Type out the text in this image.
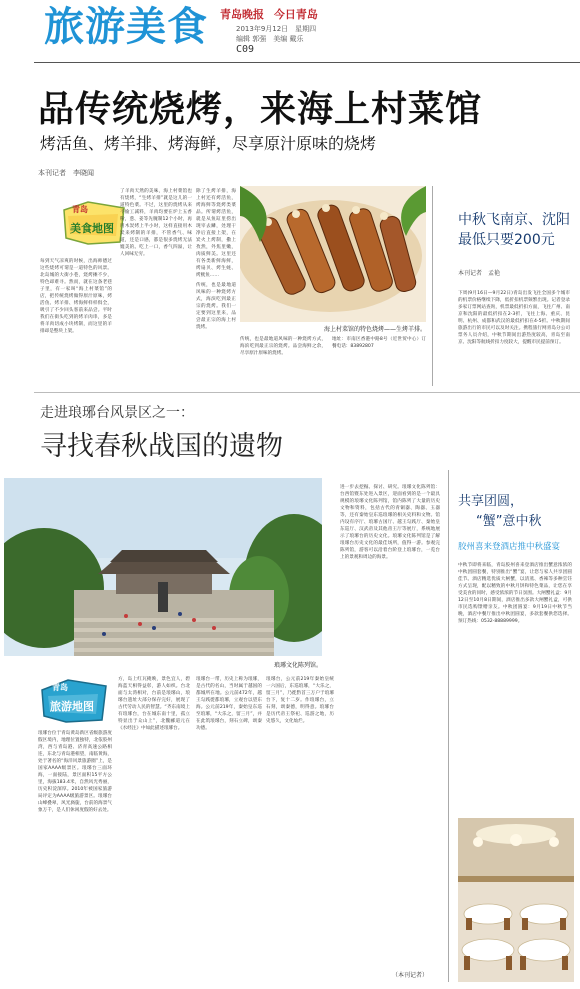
旅游美食 青岛晚报 今日青岛
2013年9月12日　星期四
编辑 郭强　美编 戴乐
C09
品传统烧烤，来海上村菜馆
烤活鱼、烤羊排、烤海鲜，尽享原汁原味的烧烤
本刊记者　李晓闻
青岛
美食地图
每到天气凉爽的时候，出海师德过这些烧烤可谓是一道特色的风景。北岛城的大街小巷，烧烤摊不少，特色却难寻。然而，就在这条老巷子里，有一家叫“海上村菜馆”的店，把传统烧烤做得原汁原味，烤活鱼、烤羊排、烤海鲜样样俱全，吸引了不少回头客前来品尝。平时我们在街头吃到的烤羊肉串，多是将羊肉切成小块烤制，而这里的羊排却是整块上架。
了羊肉天然的美味，海上村菜馆也有烧烤，“生烤羊排”就是这儿的一道特色菜。不过，这里的烧烤从来不偷工减料，羊肉均要在炉上五香粉，葱、姜等先腌制12个小时，再用木炭烤上半小时，这样直接用木炭来烤制的羊排，不管香气、味道，还是口感，都是很多烧烤无法媲美的。吃上一口，香气四溢，让人回味无穷。
除了生烤羊排，海上村还有烤活鱼，烤海鲜等烧烤类菜品。所谓烤活鱼，就是从鱼缸里捞出现宰去鳞，处理干净后直接上架，在炭火上烤制，撒上孜然，外焦里嫩，肉质鲜美。这里还有各类新鲜海鲜，烤扇贝、烤生蚝、烤鱿鱼……
传统，也是最地道风味的一种烧烤方式，海滨吃到最正宗的烧烤。我们一定要到这里来，品尝最正宗的海上村烧烤。	海上村菜馆的特色烧烤——生烤羊排。
传统，也是最地道风味的一种烧烤方式，海滨吃到最正宗的烧烤。品尝海鲜之余，尽享原汁原味的烧烤。
地址：市南区香港中路8号（近世贸中心）订餐电话：83892807
中秋飞南京、沈阳
最低只要200元
本刊记者　孟艳
下周(9月16日—9月22日)青岛出发飞往全国多个城市的机票价格继续下降，低折扣机票频繁出现。记者登录多家订票网站查询，机票最低折扣方面，飞往广州、南京和沈阳的最低折扣在2-3折，飞往上海、重庆、昆明、杭州、成都和武汉的最低折扣在4-5折。中秋期间旅游出行的市民可以及时关注。携程旅行网青岛分公司票务人员介绍，中秋节期间出游热度较高，青岛至南京、沈阳等航线折扣力度较大，提醒市民提前预订。
走进琅琊台风景区之一：
寻找春秋战国的遗物
琅琊文化陈列馆。
进一步去挖掘、探讨、研究。琅琊文化陈列馆：台西馆暨东处进入景区，迎面看到的是一个最具规模的琅琊文化陈列馆，馆内陈列了大量的历史文物和资料，包括古代的青铜器、陶器、玉器等，还有秦始皇东巡琅琊的相关史料和文物。馆内设有序厅、琅琊古国厅、越王勾践厅、秦始皇东巡厅、汉武帝及其他帝王厅等展厅，系统地展示了琅琊台的历史文化。琅琊文化陈列馆是了解琅琊台历史文化的最佳场所，值得一游。参观完陈列馆，游客可以沿着台阶登上琅琊台，一览台上的景观和周边的海景。
（本刊记者）
青岛
旅游地图
琅琊台位于青岛黄岛新区省级旅游度假区境内，地理位置独特，北依胶州湾，西与青岛港、济青高速公路相连，东北与青岛港相望，南临黄海，处于著名的“海洋风景旅游圈”上，是国家AAAA级景区。琅琊台三面环海，一面接陆，景区面积15平方公里，海拔183.4米，自然风光秀丽，历史积淀深厚。2010年被国家旅游局评定为AAAA级旅游景区。琅琊台山峰叠翠，风光旖旎，台前的海景气象万千，是人们休闲度假的好去处。
方，岛上红瓦掩映，景色宜人，碧海蓝天相得益彰，游人如织。台北面与太湾相对，台前是琅琊山，琅琊台遗址大部分保存完好，展现了古代劳动人民的智慧。“齐东南境上有琅琊台，台在城东南十里，孤立特显出于众山上”，北魏郦道元在《水经注》中如此描述琅琊台。
琅琊台一带，历史上称为琅琊，是古代的名山，当时属于越国的都城所在地。公元前472年，越王勾践徙都琅琊，立观台以望东海。公元前219年，秦始皇东巡至琅琊，“大乐之，留三月”，并在此筑琅琊台，刻石立碑，颂秦功德。
琅琊台，公元前219年秦始皇统一六国后，东巡琅琊，“大乐之，留三月”，乃徙黔首三万户于琅琊台下，复十二岁。作琅琊台，立石刻，颂秦德，明得意。琅琊台是历代帝王祭祀、巡游之地，历史悠久，文化灿烂。
共享团圆，
“蟹”意中秋
胶州喜来登酒店推中秋盛宴
中秋节即将来临，青岛胶州喜来登酒店推出蟹意浓浓的中秋团圆套餐，特别推出“蟹”宴，让您与家人共享团圆佳节。酒店精选优质大闸蟹，以清蒸、香辣等多种烹饪方式呈现，配以精致的中秋月饼和特色菜品，让您在享受美食的同时，感受浓浓的节日氛围。大闸蟹礼盒：9月12日至10月8日期间，酒店推出多款大闸蟹礼盒，可供市民选购馈赠亲友。中秋团圆宴：9月19日中秋节当晚，酒店中餐厅推出中秋团圆宴，多款套餐供您选择。预订热线：0532-88889999。
